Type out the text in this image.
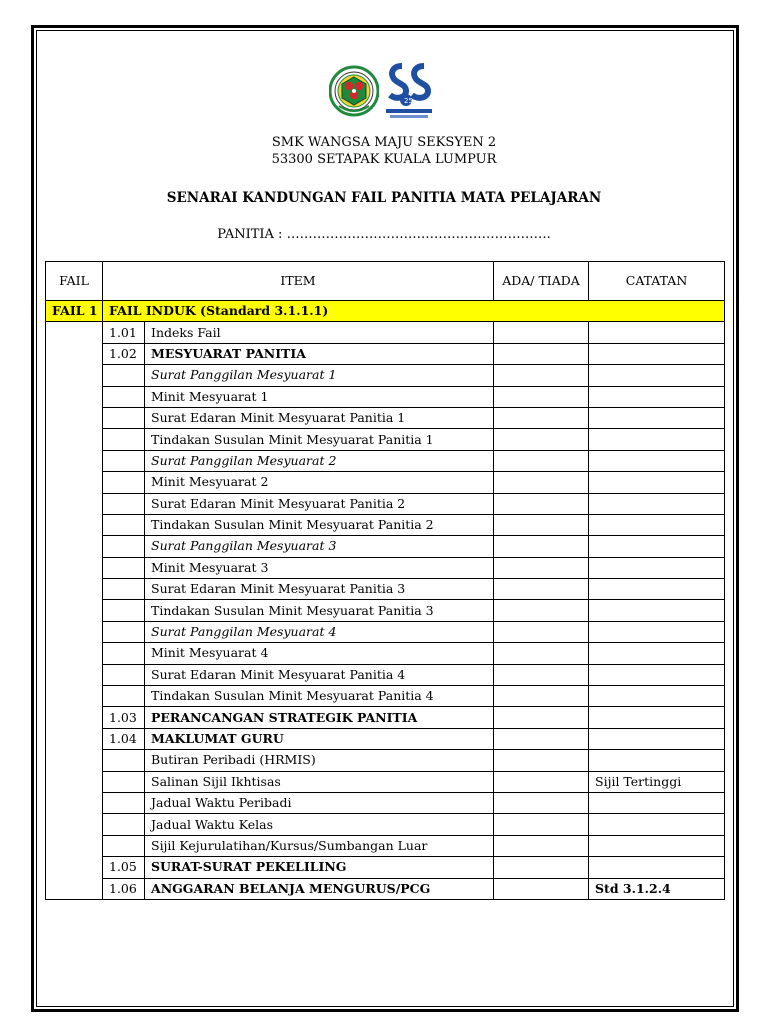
25
SMK WANGSA MAJU SEKSYEN 2
53300 SETAPAK KUALA LUMPUR
SENARAI KANDUNGAN FAIL PANITIA MATA PELAJARAN
PANITIA : …………………………………………………….
FAIL	ITEM		ADA/ TIADA	CATATAN
FAIL 1	FAIL INDUK (Standard 3.1.1.1)			
	1.01	Indeks Fail		
	1.02	MESYUARAT PANITIA		
		Surat Panggilan Mesyuarat 1		
		Minit Mesyuarat 1		
		Surat Edaran Minit Mesyuarat Panitia 1		
		Tindakan Susulan Minit Mesyuarat Panitia 1		
		Surat Panggilan Mesyuarat 2		
		Minit Mesyuarat 2		
		Surat Edaran Minit Mesyuarat Panitia 2		
		Tindakan Susulan Minit Mesyuarat Panitia 2		
		Surat Panggilan Mesyuarat 3		
		Minit Mesyuarat 3		
		Surat Edaran Minit Mesyuarat Panitia 3		
		Tindakan Susulan Minit Mesyuarat Panitia 3		
		Surat Panggilan Mesyuarat 4		
		Minit Mesyuarat 4		
		Surat Edaran Minit Mesyuarat Panitia 4		
		Tindakan Susulan Minit Mesyuarat Panitia 4		
	1.03	PERANCANGAN STRATEGIK PANITIA		
	1.04	MAKLUMAT GURU		
		Butiran Peribadi (HRMIS)		
		Salinan Sijil Ikhtisas		Sijil Tertinggi
		Jadual Waktu Peribadi		
		Jadual Waktu Kelas		
		Sijil Kejurulatihan/Kursus/Sumbangan Luar		
	1.05	SURAT-SURAT PEKELILING		
	1.06	ANGGARAN BELANJA MENGURUS/PCG		Std 3.1.2.4
